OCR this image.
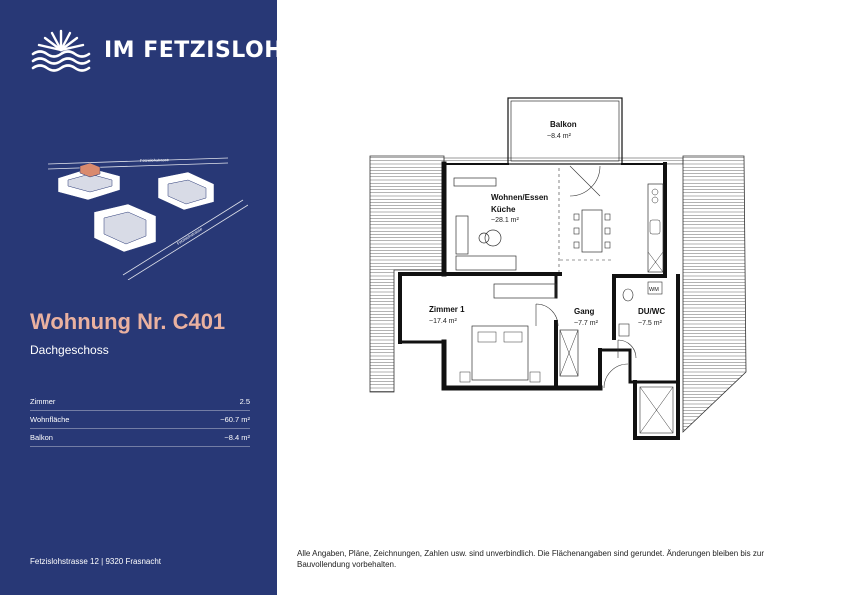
IM FETZISLOH
Fetzislohstrasse
Fetzislohstrasse
Wohnung Nr. C401
Dachgeschoss
Zimmer	2.5
Wohnfläche	~60.7 m²
Balkon	~8.4 m²
Fetzislohstrasse 12 | 9320 Frasnacht
Balkon
~8.4 m²
WM
Wohnen/Essen
Küche
~28.1 m²
Zimmer 1
~17.4 m²
Gang
~7.7 m²
DU/WC
~7.5 m²
Alle Angaben, Pläne, Zeichnungen, Zahlen usw. sind unverbindlich. Die Flächenangaben sind gerundet. Änderungen bleiben bis zur Bauvollendung vorbehalten.
